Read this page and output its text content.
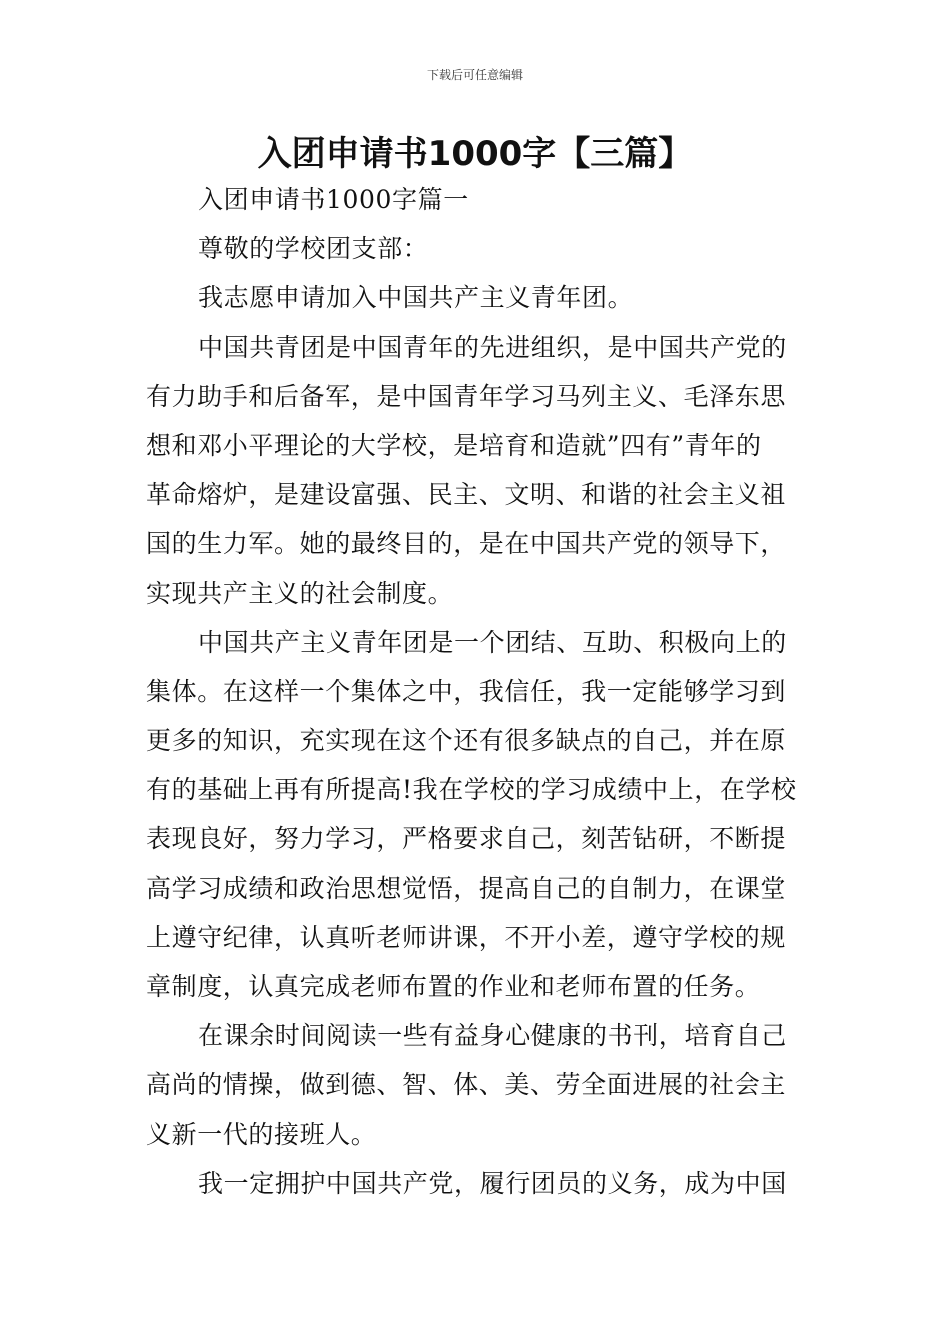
下载后可任意编辑
入团申请书1000字【三篇】
入团申请书1000字篇一
尊敬的学校团支部：

我志愿申请加入中国共产主义青年团。

中国共青团是中国青年的先进组织，是中国共产党的
有力助手和后备军，是中国青年学习马列主义、毛泽东思
想和邓小平理论的大学校，是培育和造就”四有”青年的
革命熔炉，是建设富强、民主、文明、和谐的社会主义祖
国的生力军。她的最终目的，是在中国共产党的领导下，
实现共产主义的社会制度。

中国共产主义青年团是一个团结、互助、积极向上的
集体。在这样一个集体之中，我信任，我一定能够学习到
更多的知识，充实现在这个还有很多缺点的自己，并在原
有的基础上再有所提高!我在学校的学习成绩中上，在学校
表现良好，努力学习，严格要求自己，刻苦钻研，不断提
高学习成绩和政治思想觉悟，提高自己的自制力，在课堂
上遵守纪律，认真听老师讲课，不开小差，遵守学校的规
章制度，认真完成老师布置的作业和老师布置的任务。

在课余时间阅读一些有益身心健康的书刊，培育自己
高尚的情操，做到德、智、体、美、劳全面进展的社会主
义新一代的接班人。

我一定拥护中国共产党，履行团员的义务，成为中国
